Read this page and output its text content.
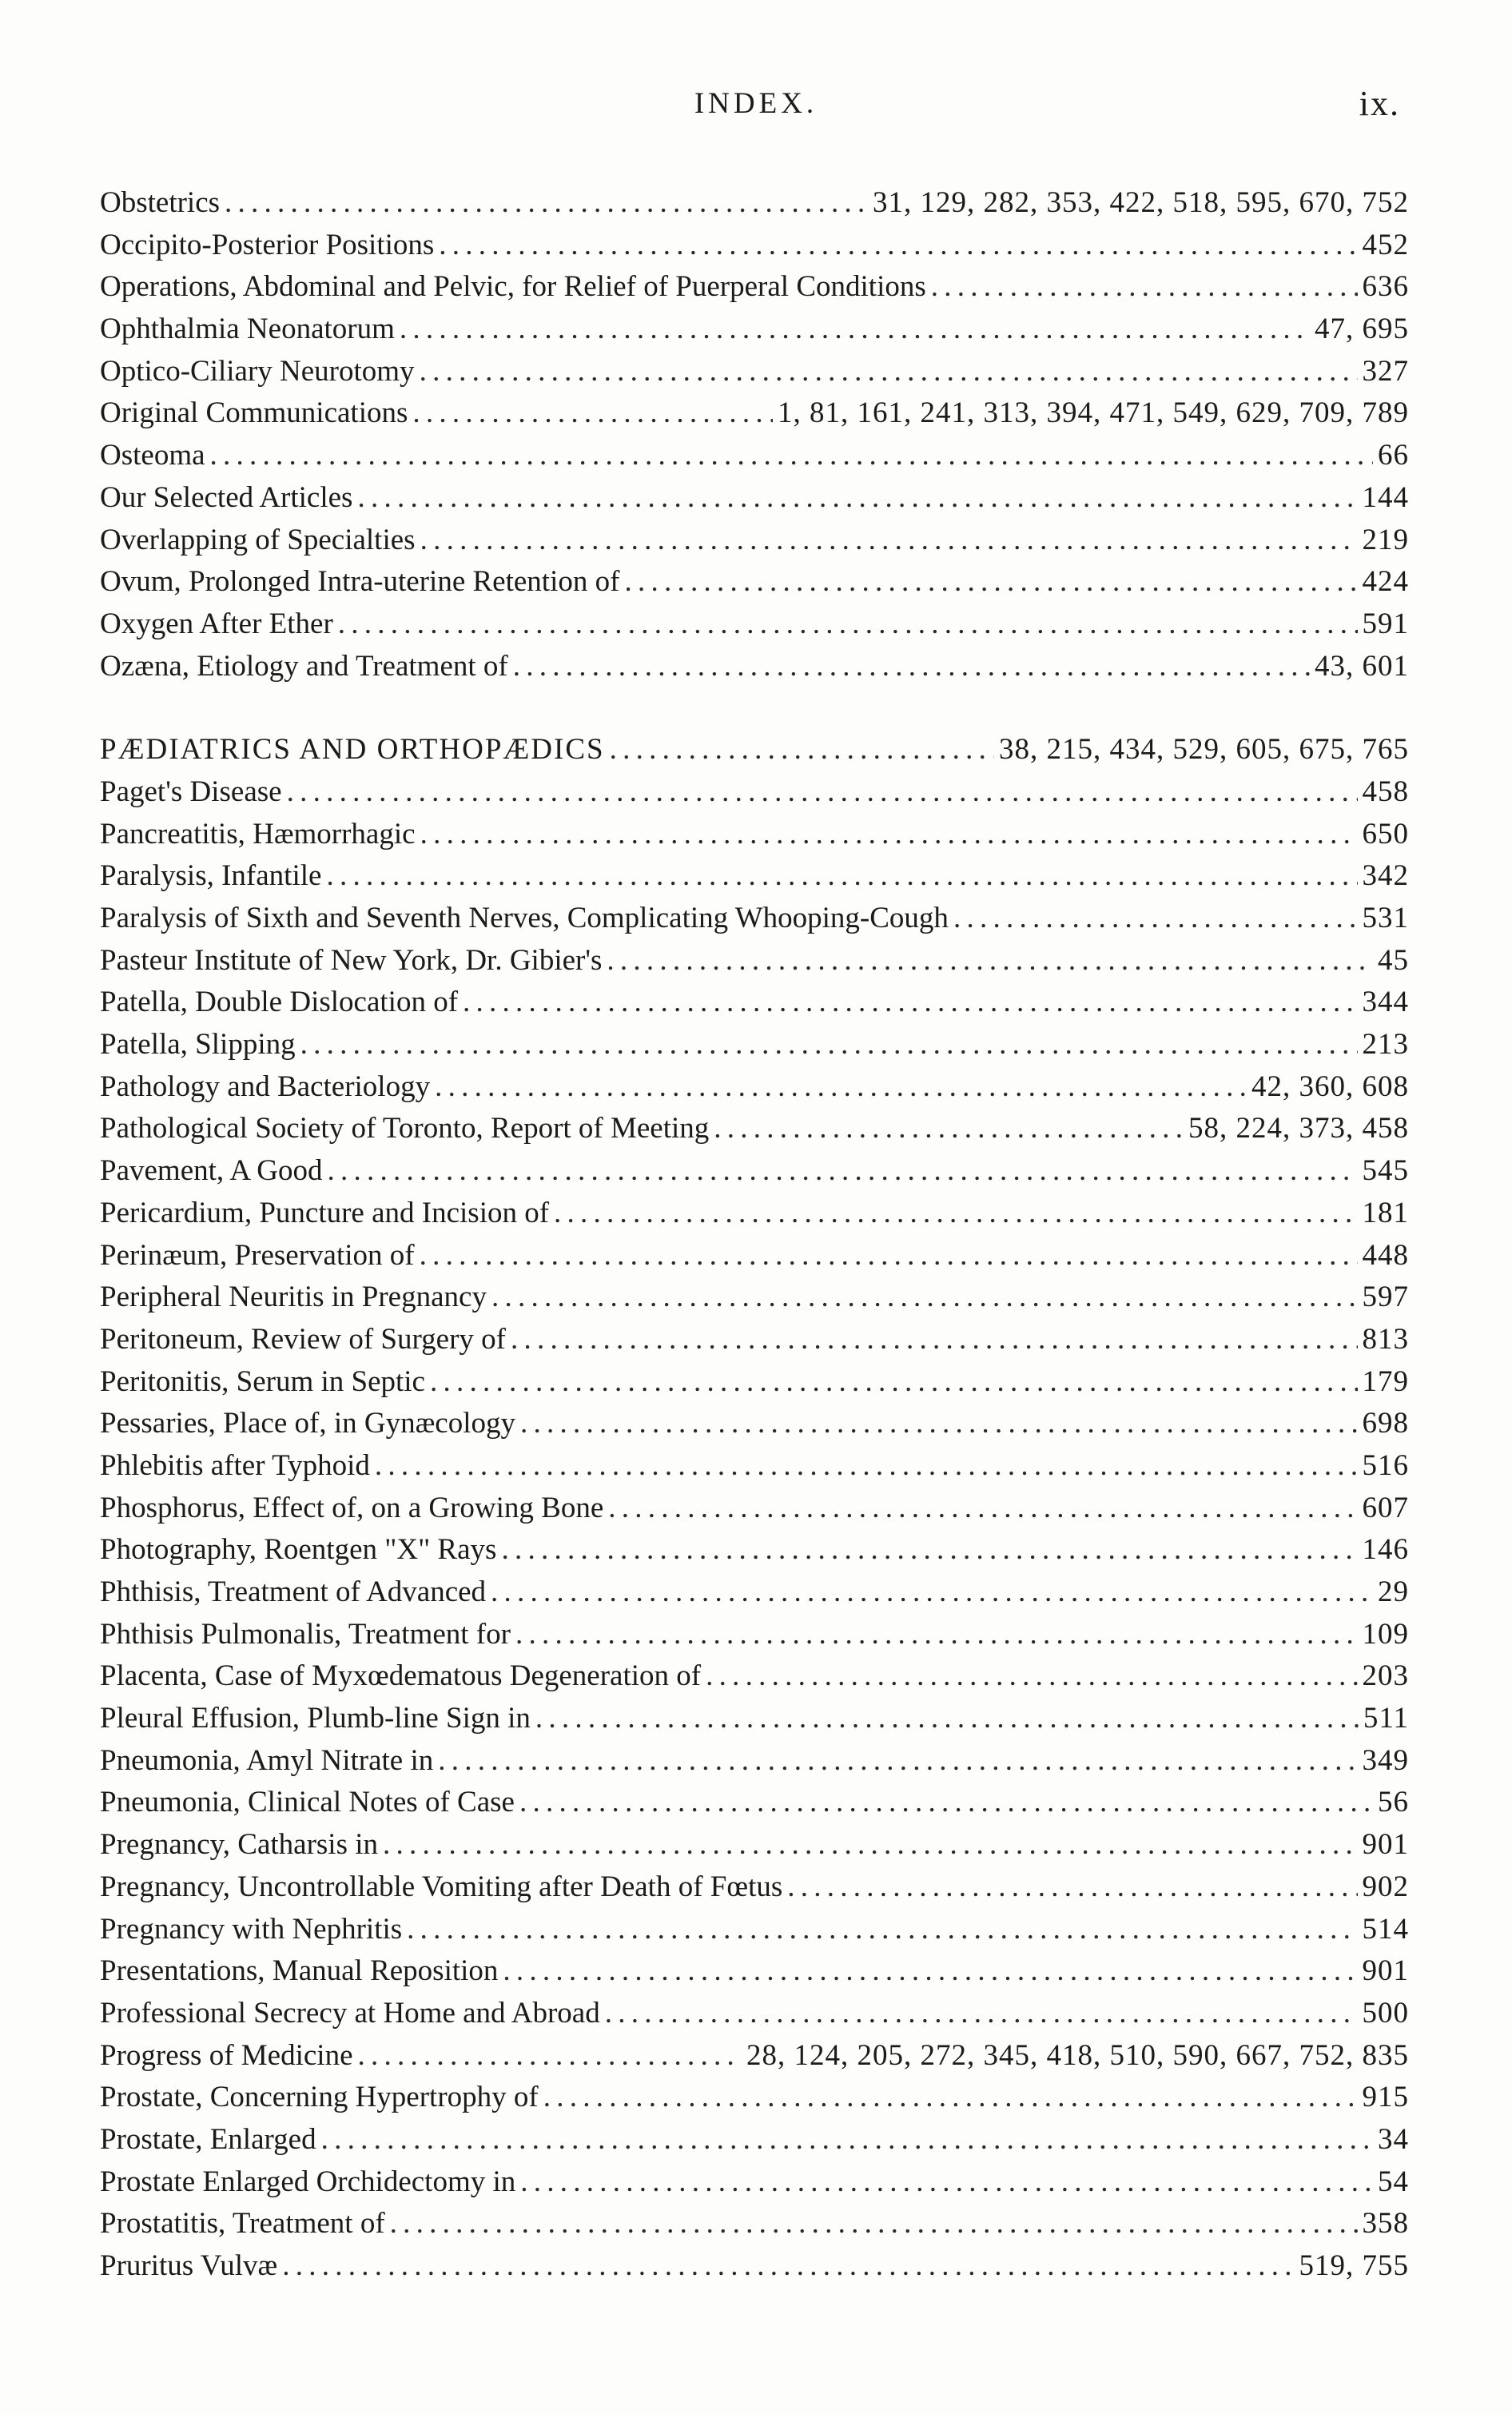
INDEX.	ix.
Obstetrics . . .	31, 129, 282, 353, 422, 518, 595, 670, 752
Occipito-Posterior Positions . . .	452
Operations, Abdominal and Pelvic, for Relief of Puerperal Conditions . . .	636
Ophthalmia Neonatorum . . .	47, 695
Optico-Ciliary Neurotomy . . .	327
Original Communications . . .	1, 81, 161, 241, 313, 394, 471, 549, 629, 709, 789
Osteoma . . .	66
Our Selected Articles . . .	144
Overlapping of Specialties . . .	219
Ovum, Prolonged Intra-uterine Retention of . . .	424
Oxygen After Ether . . .	591
Ozæna, Etiology and Treatment of . . .	43, 601
PÆDIATRICS AND ORTHOPÆDICS . . .	38, 215, 434, 529, 605, 675, 765
Paget's Disease . . .	458
Pancreatitis, Hæmorrhagic . . .	650
Paralysis, Infantile . . .	342
Paralysis of Sixth and Seventh Nerves, Complicating Whooping-Cough . . .	531
Pasteur Institute of New York, Dr. Gibier's . . .	45
Patella, Double Dislocation of . . .	344
Patella, Slipping . . .	213
Pathology and Bacteriology . . .	42, 360, 608
Pathological Society of Toronto, Report of Meeting . . .	58, 224, 373, 458
Pavement, A Good . . .	545
Pericardium, Puncture and Incision of . . .	181
Perinæum, Preservation of . . .	448
Peripheral Neuritis in Pregnancy . . .	597
Peritoneum, Review of Surgery of . . .	813
Peritonitis, Serum in Septic . . .	179
Pessaries, Place of, in Gynæcology . . .	698
Phlebitis after Typhoid . . .	516
Phosphorus, Effect of, on a Growing Bone . . .	607
Photography, Roentgen "X" Rays . . .	146
Phthisis, Treatment of Advanced . . .	29
Phthisis Pulmonalis, Treatment for . . .	109
Placenta, Case of Myxœdematous Degeneration of . . .	203
Pleural Effusion, Plumb-line Sign in . . .	511
Pneumonia, Amyl Nitrate in . . .	349
Pneumonia, Clinical Notes of Case . . .	56
Pregnancy, Catharsis in . . .	901
Pregnancy, Uncontrollable Vomiting after Death of Fœtus . . .	902
Pregnancy with Nephritis . . .	514
Presentations, Manual Reposition . . .	901
Professional Secrecy at Home and Abroad . . .	500
Progress of Medicine . . .	28, 124, 205, 272, 345, 418, 510, 590, 667, 752, 835
Prostate, Concerning Hypertrophy of . . .	915
Prostate, Enlarged . . .	34
Prostate Enlarged Orchidectomy in . . .	54
Prostatitis, Treatment of . . .	358
Pruritus Vulvæ . . .	519, 755
